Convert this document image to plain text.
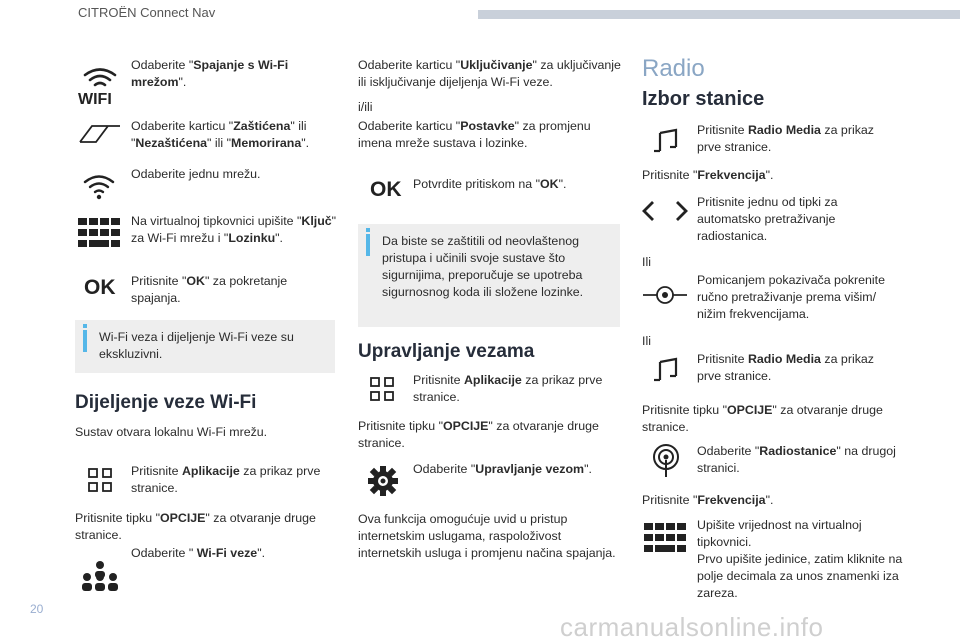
CITROËN Connect Nav
WIFI
Odaberite "Spajanje s Wi-Fi mrežom".
Odaberite karticu "Zaštićena" ili "Nezaštićena" ili "Memorirana".
Odaberite jednu mrežu.
Na virtualnoj tipkovnici upišite "Ključ" za Wi-Fi mrežu i "Lozinku".
OK Pritisnite "OK" za pokretanje spajanja.
Wi-Fi veza i dijeljenje Wi-Fi veze su ekskluzivni.
Dijeljenje veze Wi-Fi
Sustav otvara lokalnu Wi-Fi mrežu.
Pritisnite Aplikacije za prikaz prve stranice.
Pritisnite tipku "OPCIJE" za otvaranje druge stranice.
Odaberite " Wi-Fi veze".
Odaberite karticu "Uključivanje" za uključivanje ili isključivanje dijeljenja Wi-Fi veze.
i/ili
Odaberite karticu "Postavke" za promjenu imena mreže sustava i lozinke.
OK Potvrdite pritiskom na "OK".
Da biste se zaštitili od neovlaštenog pristupa i učinili svoje sustave što sigurnijima, preporučuje se upotreba sigurnosnog koda ili složene lozinke.
Upravljanje vezama
Pritisnite Aplikacije za prikaz prve stranice.
Pritisnite tipku "OPCIJE" za otvaranje druge stranice.
Odaberite "Upravljanje vezom".
Ova funkcija omogućuje uvid u pristup internetskim uslugama, raspoloživost internetskih usluga i promjenu načina spajanja.
Radio
Izbor stanice
Pritisnite Radio Media za prikaz prve stranice.
Pritisnite "Frekvencija".
Pritisnite jednu od tipki za automatsko pretraživanje radiostanica.
Ili
Pomicanjem pokazivača pokrenite ručno pretraživanje prema višim/ nižim frekvencijama.
Ili
Pritisnite Radio Media za prikaz prve stranice.
Pritisnite tipku "OPCIJE" za otvaranje druge stranice.
Odaberite "Radiostanice" na drugoj stranici.
Pritisnite "Frekvencija".
Upišite vrijednost na virtualnoj tipkovnici.
Prvo upišite jedinice, zatim kliknite na polje decimala za unos znamenki iza zareza.
20
carmanualsonline.info
